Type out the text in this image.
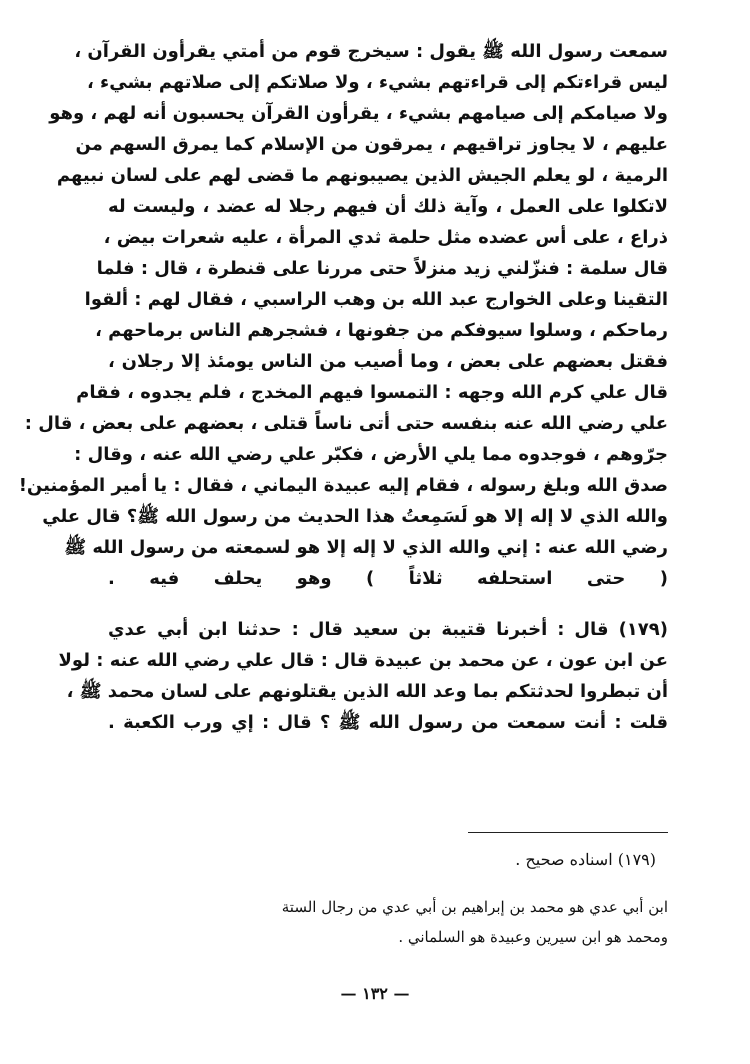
سمعت رسول الله ﷺ يقول : سيخرج قوم من أمتي يقرأون القرآن ،
ليس قراءتكم إلى قراءتهم بشيء ، ولا صلاتكم إلى صلاتهم بشيء ،
ولا صيامكم إلى صيامهم بشيء ، يقرأون القرآن يحسبون أنه لهم ، وهو
عليهم ، لا يجاوز تراقيهم ، يمرقون من الإسلام كما يمرق السهم من
الرمية ، لو يعلم الجيش الذين يصيبونهم ما قضى لهم على لسان نبيهم
لاتكلوا على العمل ، وآية ذلك أن فيهم رجلا له عضد ، وليست له
ذراع ، على أس عضده مثل حلمة ثدي المرأة ، عليه شعرات بيض ،
قال سلمة : فنزّلني زيد منزلاً حتى مررنا على قنطرة ، قال : فلما
التقينا وعلى الخوارج عبد الله بن وهب الراسبي ، فقال لهم : ألقوا
رماحكم ، وسلوا سيوفكم من جفونها ، فشجرهم الناس برماحهم ،
فقتل بعضهم على بعض ، وما أصيب من الناس يومئذ إلا رجلان ،
قال علي كرم الله وجهه : التمسوا فيهم المخدج ، فلم يجدوه ، فقام
علي رضي الله عنه بنفسه حتى أتى ناساً قتلى ، بعضهم على بعض ، قال :
جرّوهم ، فوجدوه مما يلي الأرض ، فكبّر علي رضي الله عنه ، وقال :
صدق الله وبلغ رسوله ، فقام إليه عبيدة اليماني ، فقال : يا أمير المؤمنين!
والله الذي لا إله إلا هو لَسَمِعتُ هذا الحديث من رسول الله ﷺ؟ قال علي
رضي الله عنه : إني والله الذي لا إله إلا هو لسمعته من رسول الله ﷺ
( حتى استحلفه ثلاثاً ) وهو يحلف فيه .
(١٧٩) قال : أخبرنا قتيبة بن سعيد قال : حدثنا ابن أبي عدي
عن ابن عون ، عن محمد بن عبيدة قال : قال علي رضي الله عنه : لولا
أن تبطروا لحدثتكم بما وعد الله الذين يقتلونهم على لسان محمد ﷺ ،
قلت : أنت سمعت من رسول الله ﷺ ؟ قال : إي ورب الكعبة .
(١٧٩) اسناده صحيح .
ابن أبي عدي هو محمد بن إبراهيم بن أبي عدي من رجال الستة
ومحمد هو ابن سيرين وعبيدة هو السلماني .
— ١٣٢ —
